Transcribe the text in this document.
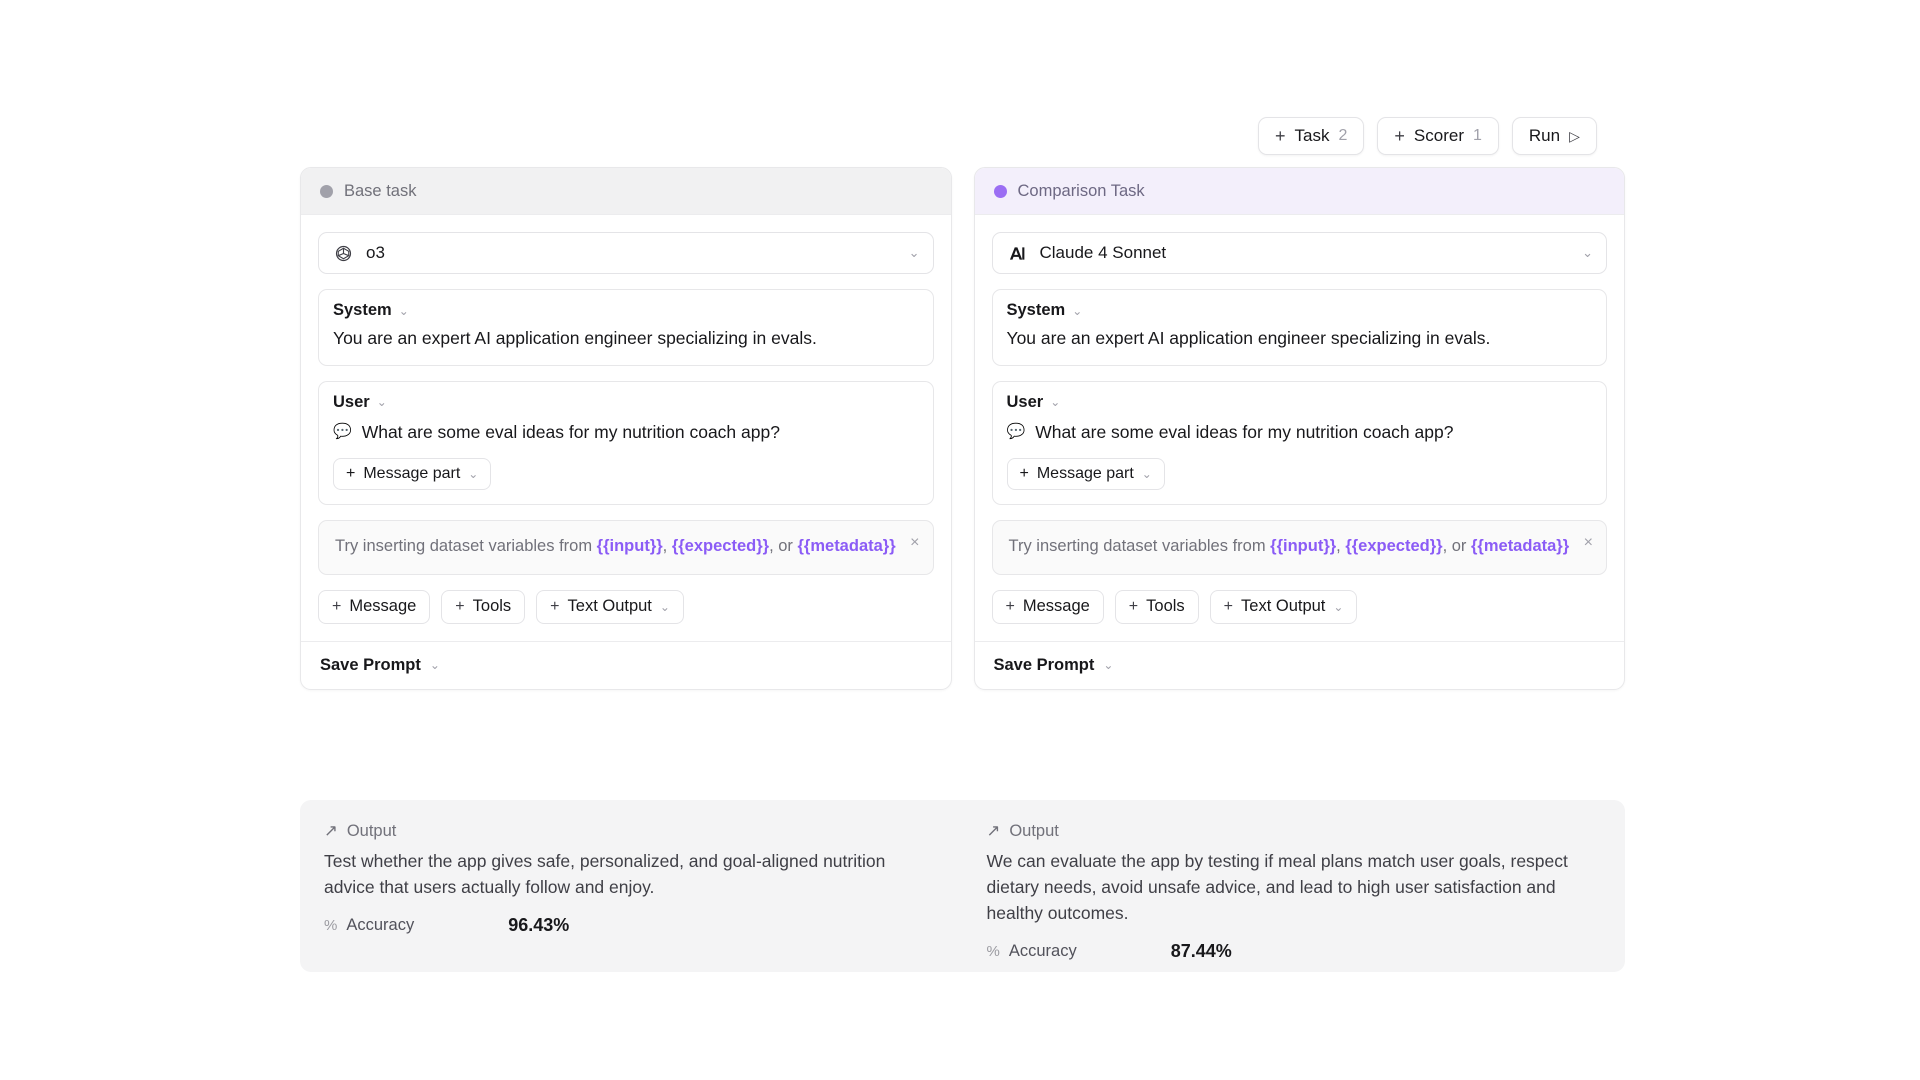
+ Task 2	+ Scorer 1	Run ▷
Base task
o3	⌄
System ⌄
You are an expert AI application engineer specializing in evals.
User ⌄
💬 What are some eval ideas for my nutrition coach app?
+ Message part ⌄
Try inserting dataset variables from {{input}}, {{expected}}, or {{metadata}} ×
+ Message + Tools + Text Output ⌄
Save Prompt ⌄
Comparison Task
Claude 4 Sonnet	⌄
System ⌄
You are an expert AI application engineer specializing in evals.
User ⌄
💬 What are some eval ideas for my nutrition coach app?
+ Message part ⌄
Try inserting dataset variables from {{input}}, {{expected}}, or {{metadata}} ×
+ Message + Tools + Text Output ⌄
Save Prompt ⌄
↗ Output
Test whether the app gives safe, personalized, and goal-aligned nutrition advice that users actually follow and enjoy.
% Accuracy	96.43%
↗ Output
We can evaluate the app by testing if meal plans match user goals, respect dietary needs, avoid unsafe advice, and lead to high user satisfaction and healthy outcomes.
% Accuracy	87.44%
